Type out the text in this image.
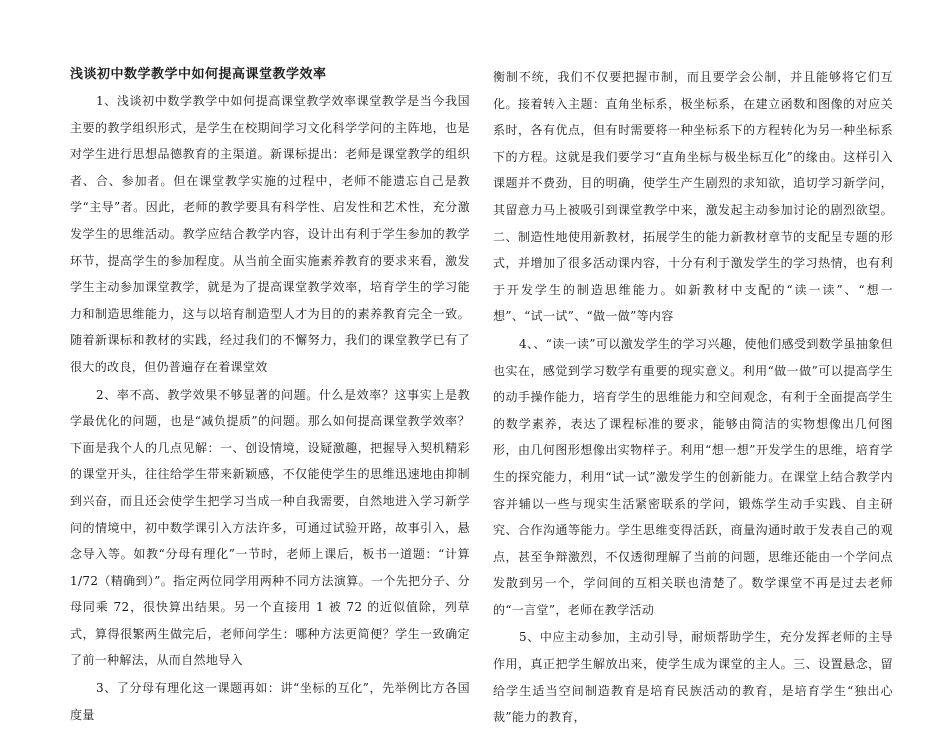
浅谈初中数学教学中如何提高课堂教学效率

1、浅谈初中数学教学中如何提高课堂教学效率课堂教学是当今我国主要的教学组织形式，是学生在校期间学习文化科学学问的主阵地，也是对学生进行思想品德教育的主渠道。新课标提出：老师是课堂教学的组织者、合、参加者。但在课堂教学实施的过程中，老师不能遗忘自己是教学“主导”者。因此，老师的教学要具有科学性、启发性和艺术性，充分激发学生的思维活动。教学应结合教学内容，设计出有利于学生参加的教学环节，提高学生的参加程度。从当前全面实施素养教育的要求来看，激发学生主动参加课堂教学，就是为了提高课堂教学效率，培育学生的学习能力和制造思维能力，这与以培育制造型人才为目的的素养教育完全一致。随着新课标和教材的实践，经过我们的不懈努力，我们的课堂教学已有了很大的改良，但仍普遍存在着课堂效

2、率不高、教学效果不够显著的问题。什么是效率？这事实上是教学最优化的问题，也是“减负提质”的问题。那么如何提高课堂教学效率？下面是我个人的几点见解：一、创设情境，设疑激趣，把握导入契机精彩的课堂开头，往往给学生带来新颖感，不仅能使学生的思维迅速地由抑制到兴奋，而且还会使学生把学习当成一种自我需要，自然地进入学习新学问的情境中，初中数学课引入方法许多，可通过试验开路，故事引入，悬念导入等。如教“分母有理化”一节时，老师上课后，板书一道题：“计算 1/72（精确到）”。指定两位同学用两种不同方法演算。一个先把分子、分母同乘 72，很快算出结果。另一个直接用 1 被 72 的近似值除，列草式，算得很繁两生做完后，老师问学生：哪种方法更简便？学生一致确定了前一种解法，从而自然地导入

3、了分母有理化这一课题再如：讲“坐标的互化”，先举例比方各国度量

衡制不统，我们不仅要把握市制，而且要学会公制，并且能够将它们互化。接着转入主题：直角坐标系，极坐标系，在建立函数和图像的对应关系时，各有优点，但有时需要将一种坐标系下的方程转化为另一种坐标系下的方程。这就是我们要学习“直角坐标与极坐标互化”的缘由。这样引入课题并不费劲，目的明确，使学生产生剧烈的求知欲，追切学习新学问，其留意力马上被吸引到课堂教学中来，激发起主动参加讨论的剧烈欲望。二、制造性地使用新教材，拓展学生的能力新教材章节的支配呈专题的形式，并增加了很多活动课内容，十分有利于激发学生的学习热情，也有利于开发学生的制造思维能力。如新教材中支配的“读一读”、“想一想”、“试一试”、“做一做”等内容

4、、“读一读”可以激发学生的学习兴趣，使他们感受到数学虽抽象但也实在，感觉到学习数学有重要的现实意义。利用“做一做”可以提高学生的动手操作能力，培育学生的思维能力和空间观念，有利于全面提高学生的数学素养，表达了课程标准的要求，能够由简洁的实物想像出几何图形，由几何图形想像出实物样子。利用“想一想”开发学生的思维，培育学生的探究能力，利用“试一试”激发学生的创新能力。在课堂上结合教学内容并辅以一些与现实生活紧密联系的学问，锻炼学生动手实践、自主研究、合作沟通等能力。学生思维变得活跃，商量沟通时敢于发表自己的观点，甚至争辩激烈，不仅透彻理解了当前的问题，思维还能由一个学问点发散到另一个，学问间的互相关联也清楚了。数学课堂不再是过去老师的“一言堂”，老师在教学活动

5、中应主动参加，主动引导，耐烦帮助学生，充分发挥老师的主导作用，真正把学生解放出来，使学生成为课堂的主人。三、设置悬念，留给学生适当空间制造教育是培育民族活动的教育，是培育学生“独出心裁”能力的教育，
